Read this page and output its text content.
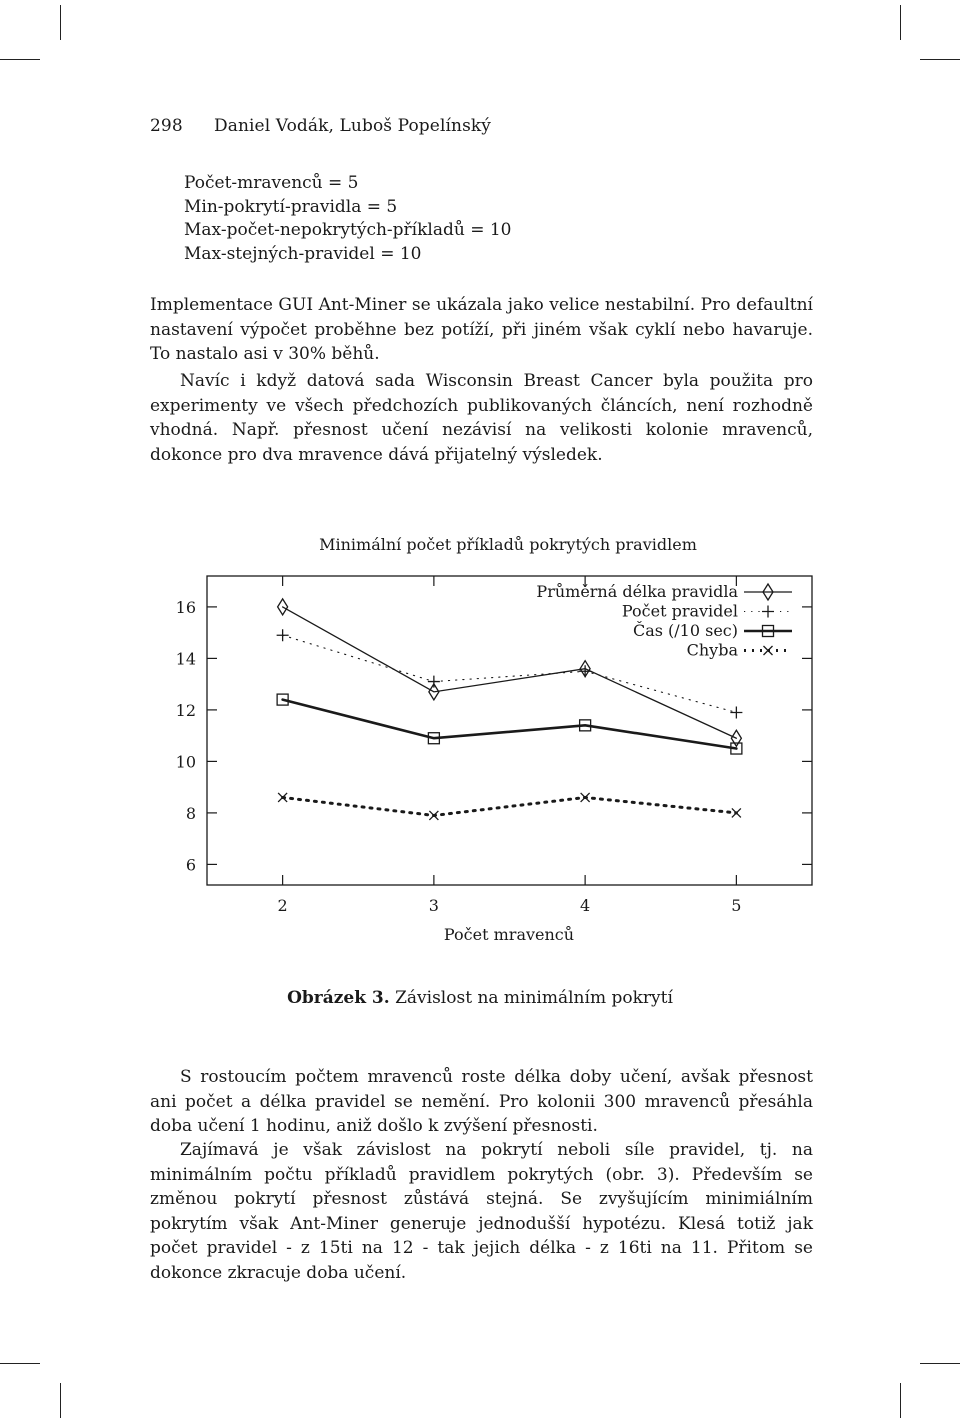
298 Daniel Vodák, Luboš Popelínský
Počet-mravenců = 5
Min-pokrytí-pravidla = 5
Max-počet-nepokrytých-příkladů = 10
Max-stejných-pravidel = 10
Implementace GUI Ant-Miner se ukázala jako velice nestabilní. Pro defaultní nastavení výpočet proběhne bez potíží, při jiném však cyklí nebo havaruje. To nastalo asi v 30% běhů.
Navíc i když datová sada Wisconsin Breast Cancer byla použita pro experimenty ve všech předchozích publikovaných článcích, není rozhodně vhodná. Např. přesnost učení nezávisí na velikosti kolonie mravenců, dokonce pro dva mravence dává přijatelný výsledek.
Minimální počet příkladů pokrytých pravidlem
6
8
10
12
14
16
2	3	4	5
Průměrná délka pravidla
Počet pravidel
Čas (/10 sec)
Chyba
Počet mravenců
Obrázek 3. Závislost na minimálním pokrytí
S rostoucím počtem mravenců roste délka doby učení, avšak přesnost ani počet a délka pravidel se nemění. Pro kolonii 300 mravenců přesáhla doba učení 1 hodinu, aniž došlo k zvýšení přesnosti.
Zajímavá je však závislost na pokrytí neboli síle pravidel, tj. na minimálním počtu příkladů pravidlem pokrytých (obr. 3). Především se změnou pokrytí přesnost zůstává stejná. Se zvyšujícím minimiálním pokrytím však Ant-Miner generuje jednodušší hypotézu. Klesá totiž jak počet pravidel - z 15ti na 12 - tak jejich délka - z 16ti na 11. Přitom se dokonce zkracuje doba učení.
